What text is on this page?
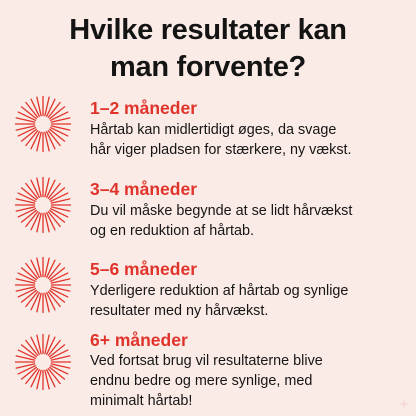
Hvilke resultater kan
man forvente?
1–2 måneder
Hårtab kan midlertidigt øges, da svage
hår viger pladsen for stærkere, ny vækst.
3–4 måneder
Du vil måske begynde at se lidt hårvækst
og en reduktion af hårtab.
5–6 måneder
Yderligere reduktion af hårtab og synlige
resultater med ny hårvækst.
6+ måneder
Ved fortsat brug vil resultaterne blive
endnu bedre og mere synlige, med
minimalt hårtab!
